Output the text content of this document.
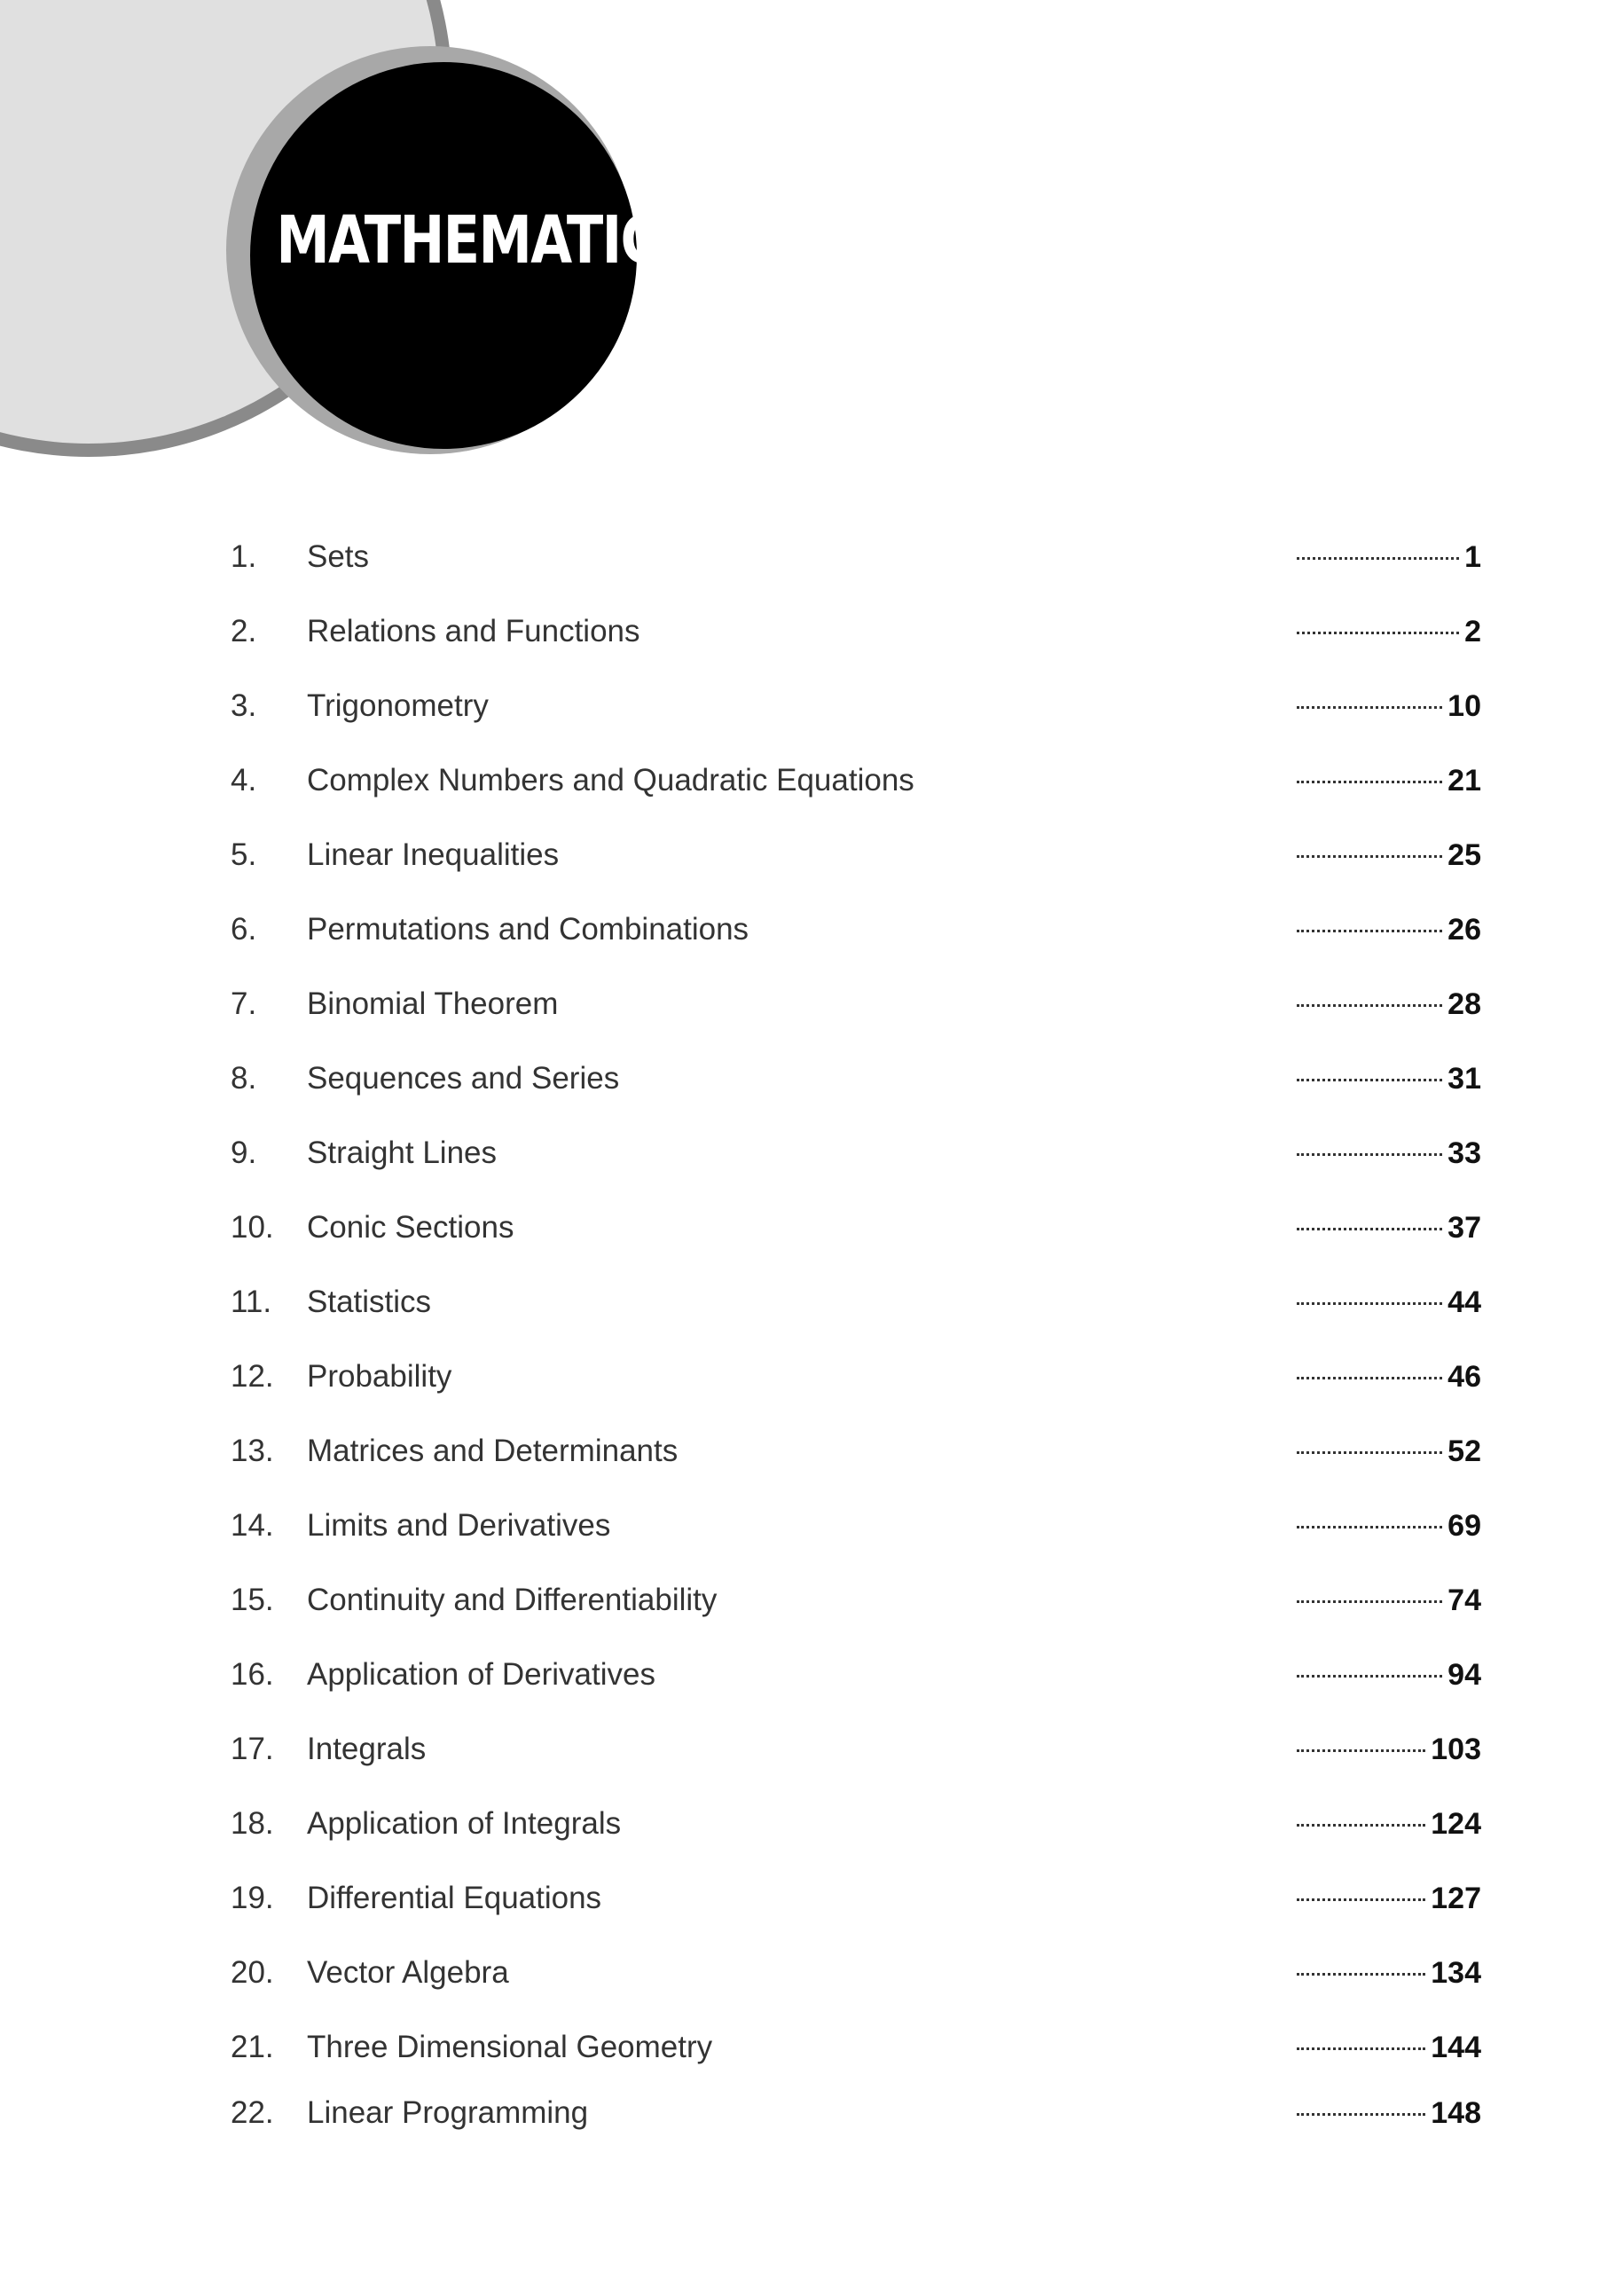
MATHEMATICS
1. Sets	1
2. Relations and Functions	2
3. Trigonometry	10
4. Complex Numbers and Quadratic Equations	21
5. Linear Inequalities	25
6. Permutations and Combinations	26
7. Binomial Theorem	28
8. Sequences and Series	31
9. Straight Lines	33
10. Conic Sections	37
11. Statistics	44
12. Probability	46
13. Matrices and Determinants	52
14. Limits and Derivatives	69
15. Continuity and Differentiability	74
16. Application of Derivatives	94
17. Integrals	103
18. Application of Integrals	124
19. Differential Equations	127
20. Vector Algebra	134
21. Three Dimensional Geometry	144
22. Linear Programming	148
